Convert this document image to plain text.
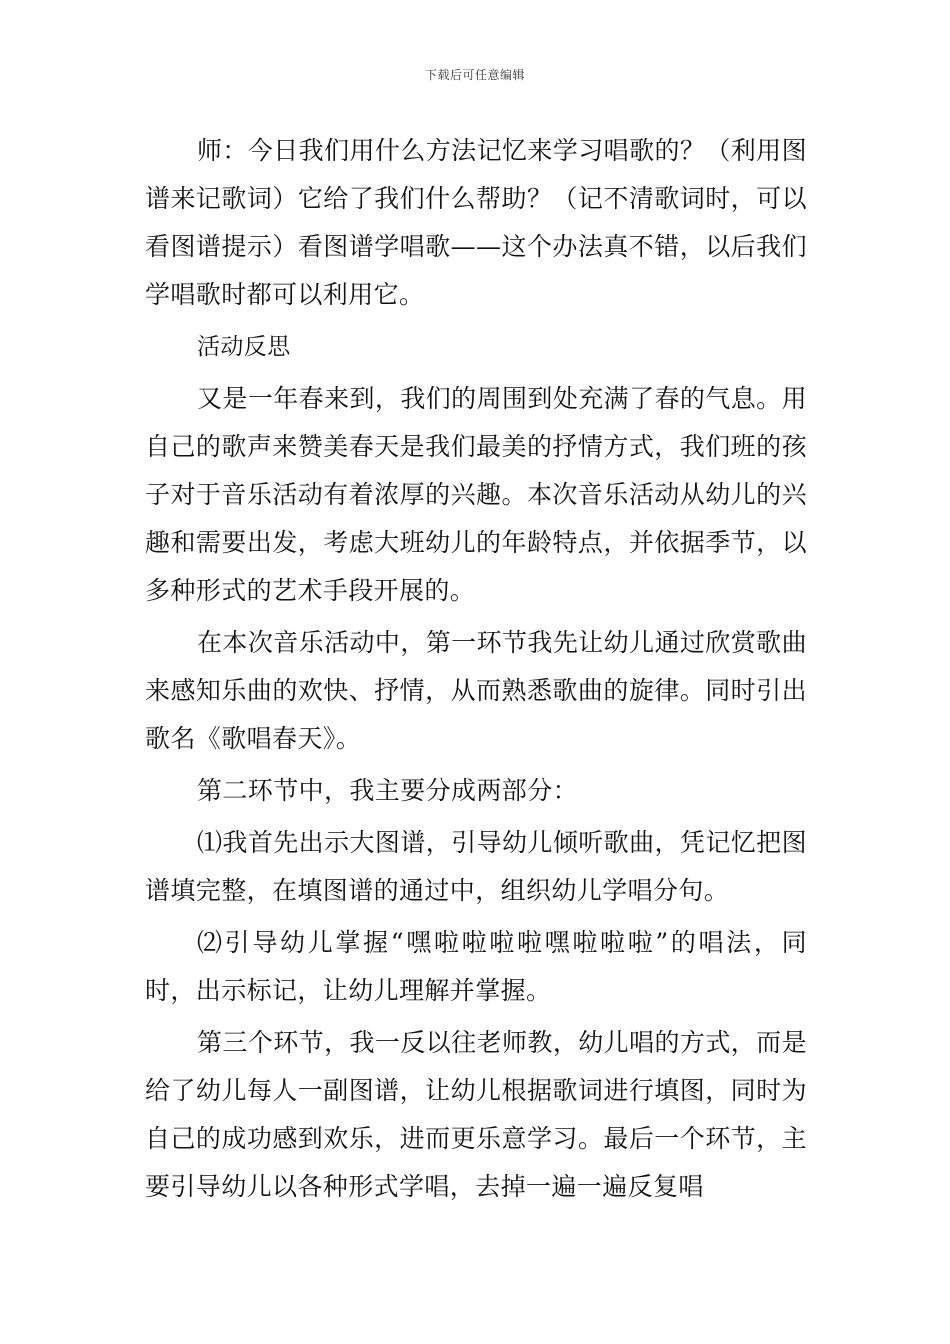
下载后可任意编辑

师：今日我们用什么方法记忆来学习唱歌的？（利用图谱来记歌词）它给了我们什么帮助？（记不清歌词时，可以看图谱提示）看图谱学唱歌——这个办法真不错，以后我们学唱歌时都可以利用它。

活动反思

又是一年春来到，我们的周围到处充满了春的气息。用自己的歌声来赞美春天是我们最美的抒情方式，我们班的孩子对于音乐活动有着浓厚的兴趣。本次音乐活动从幼儿的兴趣和需要出发，考虑大班幼儿的年龄特点，并依据季节，以多种形式的艺术手段开展的。

在本次音乐活动中，第一环节我先让幼儿通过欣赏歌曲来感知乐曲的欢快、抒情，从而熟悉歌曲的旋律。同时引出歌名《歌唱春天》。

第二环节中，我主要分成两部分：

⑴我首先出示大图谱，引导幼儿倾听歌曲，凭记忆把图谱填完整，在填图谱的通过中，组织幼儿学唱分句。

⑵引导幼儿掌握“嘿啦啦啦啦嘿啦啦啦”的唱法，同时，出示标记，让幼儿理解并掌握。

第三个环节，我一反以往老师教，幼儿唱的方式，而是给了幼儿每人一副图谱，让幼儿根据歌词进行填图，同时为自己的成功感到欢乐，进而更乐意学习。最后一个环节，主要引导幼儿以各种形式学唱，去掉一遍一遍反复唱
